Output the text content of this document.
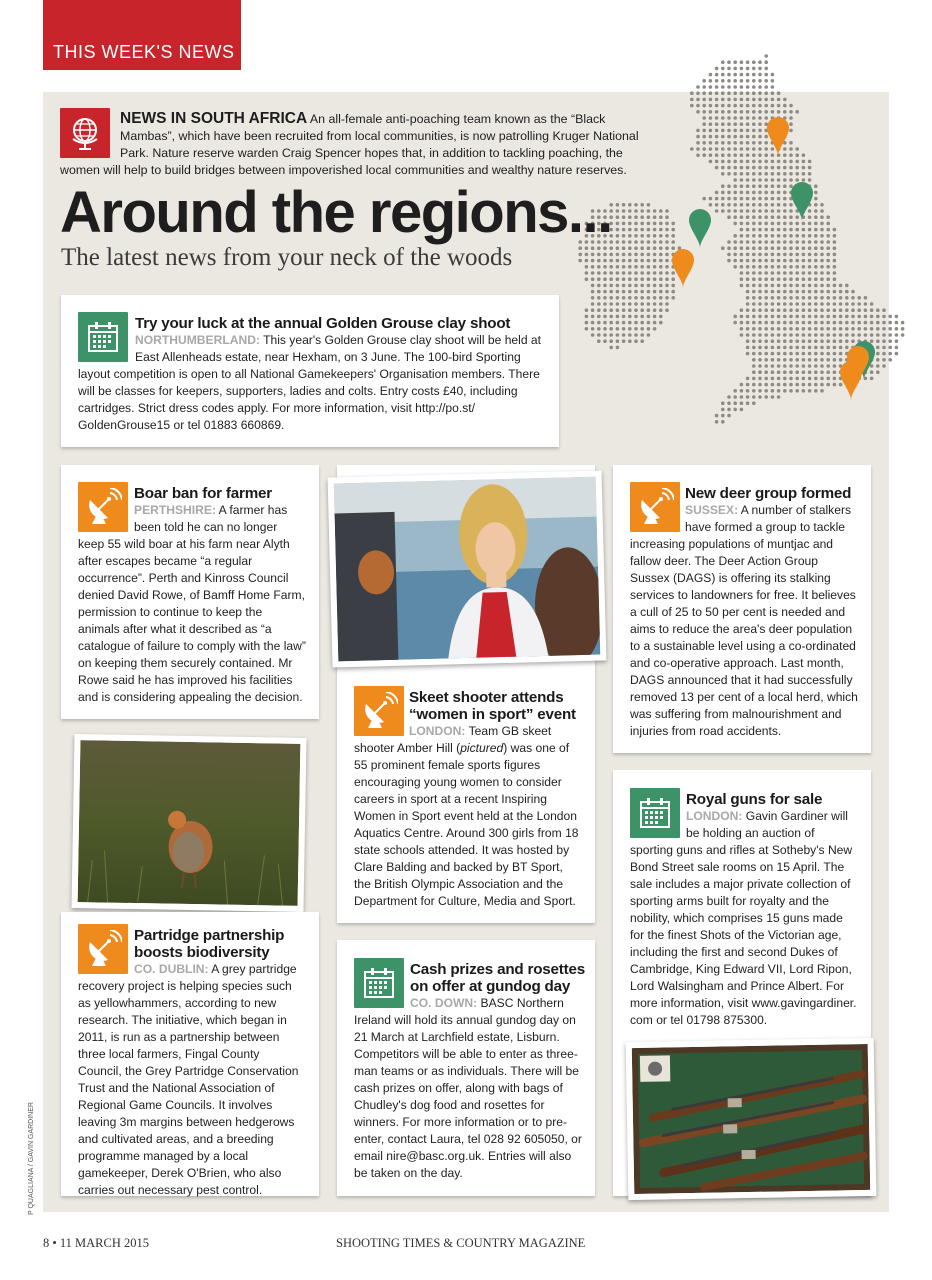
THIS WEEK'S NEWS
NEWS IN SOUTH AFRICA An all-female anti-poaching team known as the “Black Mambas”, which have been recruited from local communities, is now patrolling Kruger National Park. Nature reserve warden Craig Spencer hopes that, in addition to tackling poaching, the women will help to build bridges between impoverished local communities and wealthy nature reserves.
Around the regions...
The latest news from your neck of the woods
Try your luck at the annual Golden Grouse clay shoot
NORTHUMBERLAND: This year's Golden Grouse clay shoot will be held at East Allenheads estate, near Hexham, on 3 June. The 100-bird Sporting layout competition is open to all National Gamekeepers' Organisation members. There will be classes for keepers, supporters, ladies and colts. Entry costs £40, including cartridges. Strict dress codes apply. For more information, visit http://po.st/ GoldenGrouse15 or tel 01883 660869.
Boar ban for farmer
PERTHSHIRE: A farmer has been told he can no longer keep 55 wild boar at his farm near Alyth after escapes became “a regular occurrence”. Perth and Kinross Council denied David Rowe, of Bamff Home Farm, permission to continue to keep the animals after what it described as “a catalogue of failure to comply with the law” on keeping them securely contained. Mr Rowe said he has improved his facilities and is considering appealing the decision.
Partridge partnership boosts biodiversity
CO. DUBLIN: A grey partridge recovery project is helping species such as yellowhammers, according to new research. The initiative, which began in 2011, is run as a partnership between three local farmers, Fingal County Council, the Grey Partridge Conservation Trust and the National Association of Regional Game Councils. It involves leaving 3m margins between hedgerows and cultivated areas, and a breeding programme managed by a local gamekeeper, Derek O'Brien, who also carries out necessary pest control.
Skeet shooter attends “women in sport” event
LONDON: Team GB skeet shooter Amber Hill (pictured) was one of 55 prominent female sports figures encouraging young women to consider careers in sport at a recent Inspiring Women in Sport event held at the London Aquatics Centre. Around 300 girls from 18 state schools attended. It was hosted by Clare Balding and backed by BT Sport, the British Olympic Association and the Department for Culture, Media and Sport.
Cash prizes and rosettes on offer at gundog day
CO. DOWN: BASC Northern Ireland will hold its annual gundog day on 21 March at Larchfield estate, Lisburn. Competitors will be able to enter as three-man teams or as individuals. There will be cash prizes on offer, along with bags of Chudley's dog food and rosettes for winners. For more information or to pre-enter, contact Laura, tel 028 92 605050, or email nire@basc.org.uk. Entries will also be taken on the day.
New deer group formed
SUSSEX: A number of stalkers have formed a group to tackle increasing populations of muntjac and fallow deer. The Deer Action Group Sussex (DAGS) is offering its stalking services to landowners for free. It believes a cull of 25 to 50 per cent is needed and aims to reduce the area's deer population to a sustainable level using a co-ordinated and co-operative approach. Last month, DAGS announced that it had successfully removed 13 per cent of a local herd, which was suffering from malnourishment and injuries from road accidents.
Royal guns for sale
LONDON: Gavin Gardiner will be holding an auction of sporting guns and rifles at Sotheby's New Bond Street sale rooms on 15 April. The sale includes a major private collection of sporting arms built for royalty and the nobility, which comprises 15 guns made for the finest Shots of the Victorian age, including the first and second Dukes of Cambridge, King Edward VII, Lord Ripon, Lord Walsingham and Prince Albert. For more information, visit www.gavingardiner. com or tel 01798 875300.
P QUAGLIANA / GAVIN GARDINER
8 • 11 MARCH 2015	SHOOTING TIMES & COUNTRY MAGAZINE
